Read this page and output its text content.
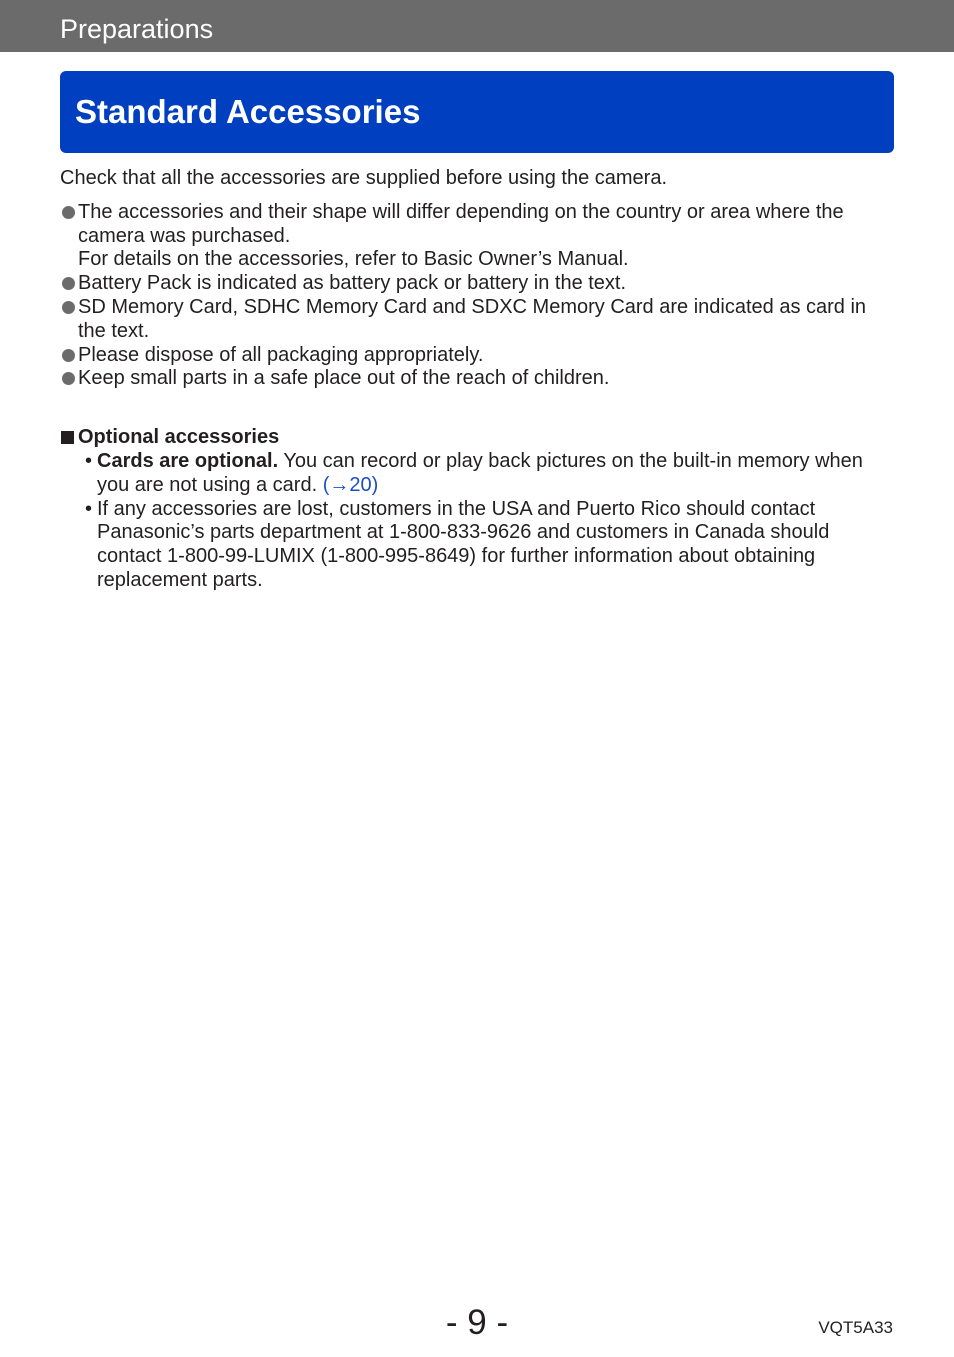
Preparations
Standard Accessories

Check that all the accessories are supplied before using the camera.

The accessories and their shape will differ depending on the country or area where the camera was purchased.
For details on the accessories, refer to Basic Owner’s Manual.
Battery Pack is indicated as battery pack or battery in the text.
SD Memory Card, SDHC Memory Card and SDXC Memory Card are indicated as card in the text.
Please dispose of all packaging appropriately.
Keep small parts in a safe place out of the reach of children.
Optional accessories
• Cards are optional. You can record or play back pictures on the built-in memory when you are not using a card. (→20)
• If any accessories are lost, customers in the USA and Puerto Rico should contact Panasonic’s parts department at 1-800-833-9626 and customers in Canada should contact 1-800-99-LUMIX (1-800-995-8649) for further information about obtaining replacement parts.
- 9 -	VQT5A33
